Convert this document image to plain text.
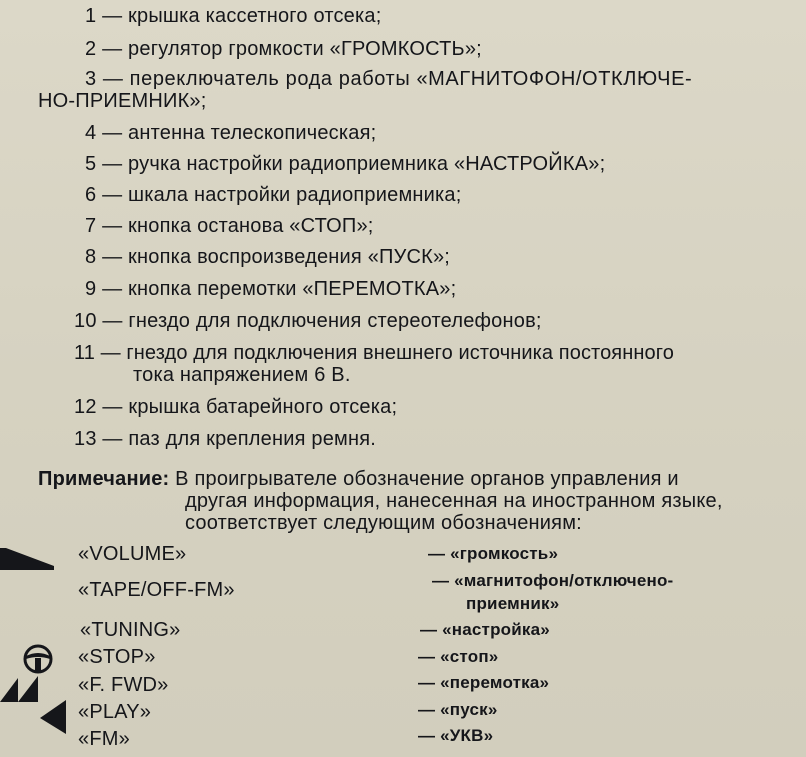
1 — крышка кассетного отсека;
2 — регулятор громкости «ГРОМКОСТЬ»;
3 — переключатель рода работы «МАГНИТОФОН/ОТКЛЮЧЕ-
НО-ПРИЕМНИК»;
4 — антенна телескопическая;
5 — ручка настройки радиоприемника «НАСТРОЙКА»;
6 — шкала настройки радиоприемника;
7 — кнопка останова «СТОП»;
8 — кнопка воспроизведения «ПУСК»;
9 — кнопка перемотки «ПЕРЕМОТКА»;
10 — гнездо для подключения стереотелефонов;
11 — гнездо для подключения внешнего источника постоянного
тока напряжением 6 В.
12 — крышка батарейного отсека;
13 — паз для крепления ремня.
Примечание: В проигрывателе обозначение органов управления и
другая информация, нанесенная на иностранном языке,
соответствует следующим обозначениям:
«VOLUME»
«TAPE/OFF-FM»
«TUNING»
«STOP»
«F. FWD»
«PLAY»
«FM»
— «громкость»
— «магнитофон/отключено-
приемник»
— «настройка»
— «стоп»
— «перемотка»
— «пуск»
— «УКВ»
